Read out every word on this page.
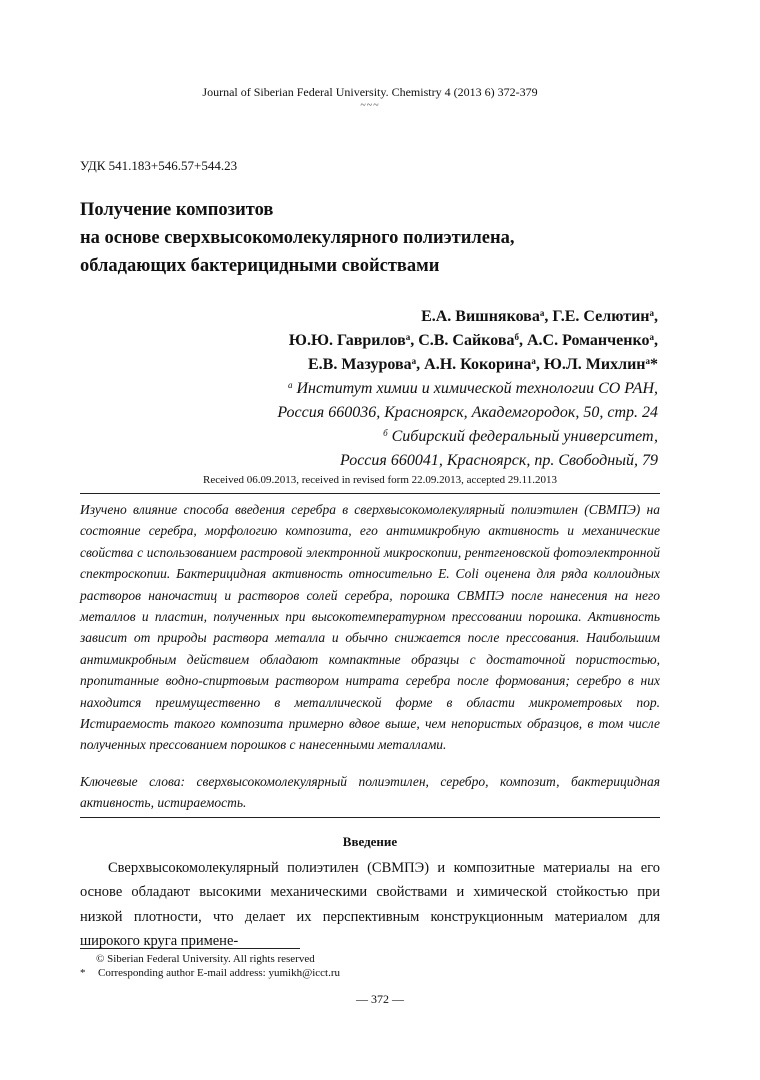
Journal of Siberian Federal University. Chemistry 4 (2013 6) 372-379
~~~
УДК 541.183+546.57+544.23
Получение композитов
на основе сверхвысокомолекулярного полиэтилена,
обладающих бактерицидными свойствами
Е.А. Вишнякова$^а$, Г.Е. Селютин$^а$,
Ю.Ю. Гаврилов$^а$, С.В. Сайкова$^б$, А.С. Романченко$^а$,
Е.В. Мазурова$^а$, А.Н. Кокорина$^а$, Ю.Л. Михлин$^а$*
$^а$ Институт химии и химической технологии СО РАН,
Россия 660036, Красноярск, Академгородок, 50, стр. 24
$^б$ Сибирский федеральный университет,
Россия 660041, Красноярск, пр. Свободный, 79
Received 06.09.2013, received in revised form 22.09.2013, accepted 29.11.2013
Изучено влияние способа введения серебра в сверхвысокомолекулярный полиэтилен (СВМПЭ) на состояние серебра, морфологию композита, его антимикробную активность и механические свойства с использованием растровой электронной микроскопии, рентгеновской фотоэлектронной спектроскопии. Бактерицидная активность относительно E. Coli оценена для ряда коллоидных растворов наночастиц и растворов солей серебра, порошка СВМПЭ после нанесения на него металлов и пластин, полученных при высокотемпературном прессовании порошка. Активность зависит от природы раствора металла и обычно снижается после прессования. Наибольшим антимикробным действием обладают компактные образцы с достаточной пористостью, пропитанные водно-спиртовым раствором нитрата серебра после формования; серебро в них находится преимущественно в металлической форме в области микрометровых пор. Истираемость такого композита примерно вдвое выше, чем непористых образцов, в том числе полученных прессованием порошков с нанесенными металлами.
Ключевые слова: сверхвысокомолекулярный полиэтилен, серебро, композит, бактерицидная активность, истираемость.
Введение
Сверхвысокомолекулярный полиэтилен (СВМПЭ) и композитные материалы на его основе обладают высокими механическими свойствами и химической стойкостью при низкой плотности, что делает их перспективным конструкционным материалом для широкого круга примене-
© Siberian Federal University. All rights reserved
* Corresponding author E-mail address: yumikh@icct.ru
— 372 —
